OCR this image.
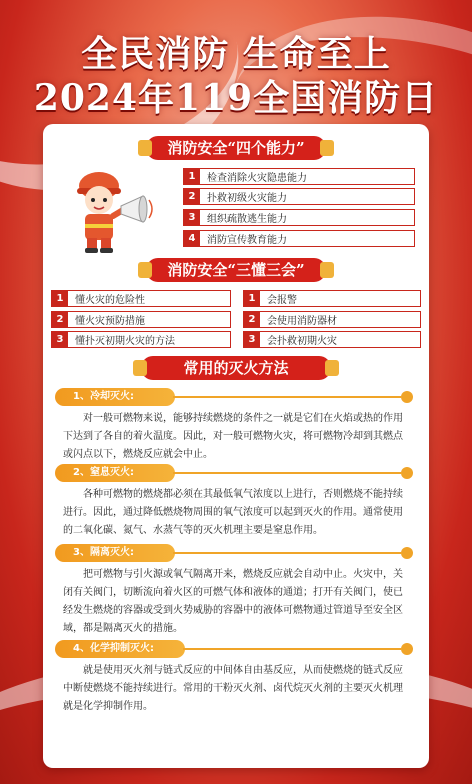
全民消防 生命至上
2024年119全国消防日
消防安全“四个能力”
1	检查消除火灾隐患能力
2	扑救初级火灾能力
3	组织疏散逃生能力
4	消防宣传教育能力
消防安全“三懂三会”
1	懂火灾的危险性
2	懂火灾预防措施
3	懂扑灭初期火灾的方法
1	会报警
2	会使用消防器材
3	会扑救初期火灾
常用的灭火方法
1、冷却灭火:
对一般可燃物来说，能够持续燃烧的条件之一就是它们在火焰或热的作用下达到了各自的着火温度。因此，对一般可燃物火灾，将可燃物冷却到其燃点或闪点以下，燃烧反应就会中止。
2、窒息灭火:
各种可燃物的燃烧都必须在其最低氧气浓度以上进行，否则燃烧不能持续进行。因此，通过降低燃烧物周围的氧气浓度可以起到灭火的作用。通常使用的二氧化碳、氮气、水蒸气等的灭火机理主要是窒息作用。
3、隔离灭火:
把可燃物与引火源或氧气隔离开来，燃烧反应就会自动中止。火灾中，关闭有关阀门，切断流向着火区的可燃气体和液体的通道；打开有关阀门，使已经发生燃烧的容器或受到火势威胁的容器中的液体可燃物通过管道导至安全区域，都是隔离灭火的措施。
4、化学抑制灭火:
就是使用灭火剂与链式反应的中间体自由基反应，从而使燃烧的链式反应中断使燃烧不能持续进行。常用的干粉灭火剂、卤代烷灭火剂的主要灭火机理就是化学抑制作用。
